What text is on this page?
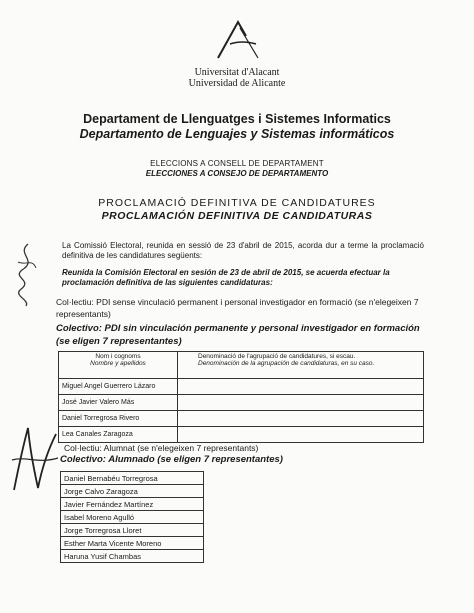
Universitat d'Alacant
Universidad de Alicante
Departament de Llenguatges i Sistemes Informatics
Departamento de Lenguajes y Sistemas informáticos
ELECCIONS A CONSELL DE DEPARTAMENT
ELECCIONES A CONSEJO DE DEPARTAMENTO
PROCLAMACIÓ DEFINITIVA DE CANDIDATURES
PROCLAMACIÓN DEFINITIVA DE CANDIDATURAS
La Comissió Electoral, reunida en sessió de 23 d'abril de 2015, acorda dur a terme la proclamació definitiva de les candidatures següents:
Reunida la Comisión Electoral en sesión de 23 de abril de 2015, se acuerda efectuar la proclamación definitiva de las siguientes candidaturas:
Col·lectiu: PDI sense vinculació permanent i personal investigador en formació (se n'elegeixen 7 representants)
Colectivo: PDI sin vinculación permanente y personal investigador en formación (se eligen 7 representantes)
Nom i cognoms
Nombre y apellidos	Denominació de l'agrupació de candidatures, si escau.
Denominación de la agrupación de candidaturas, en su caso.

Miguel Angel Guerrero Lázaro	
José Javier Valero Más	
Daniel Torregrosa Rivero	
Lea Canales Zaragoza	
Col·lectiu: Alumnat (se n'elegeixen 7 representants)
Colectivo: Alumnado (se eligen 7 representantes)
Daniel Bernabéu Torregrosa
Jorge Calvo Zaragoza
Javier Fernández Martínez
Isabel Moreno Agulló
Jorge Torregrosa Lloret
Esther Marta Vicente Moreno
Haruna Yusif Chambas
